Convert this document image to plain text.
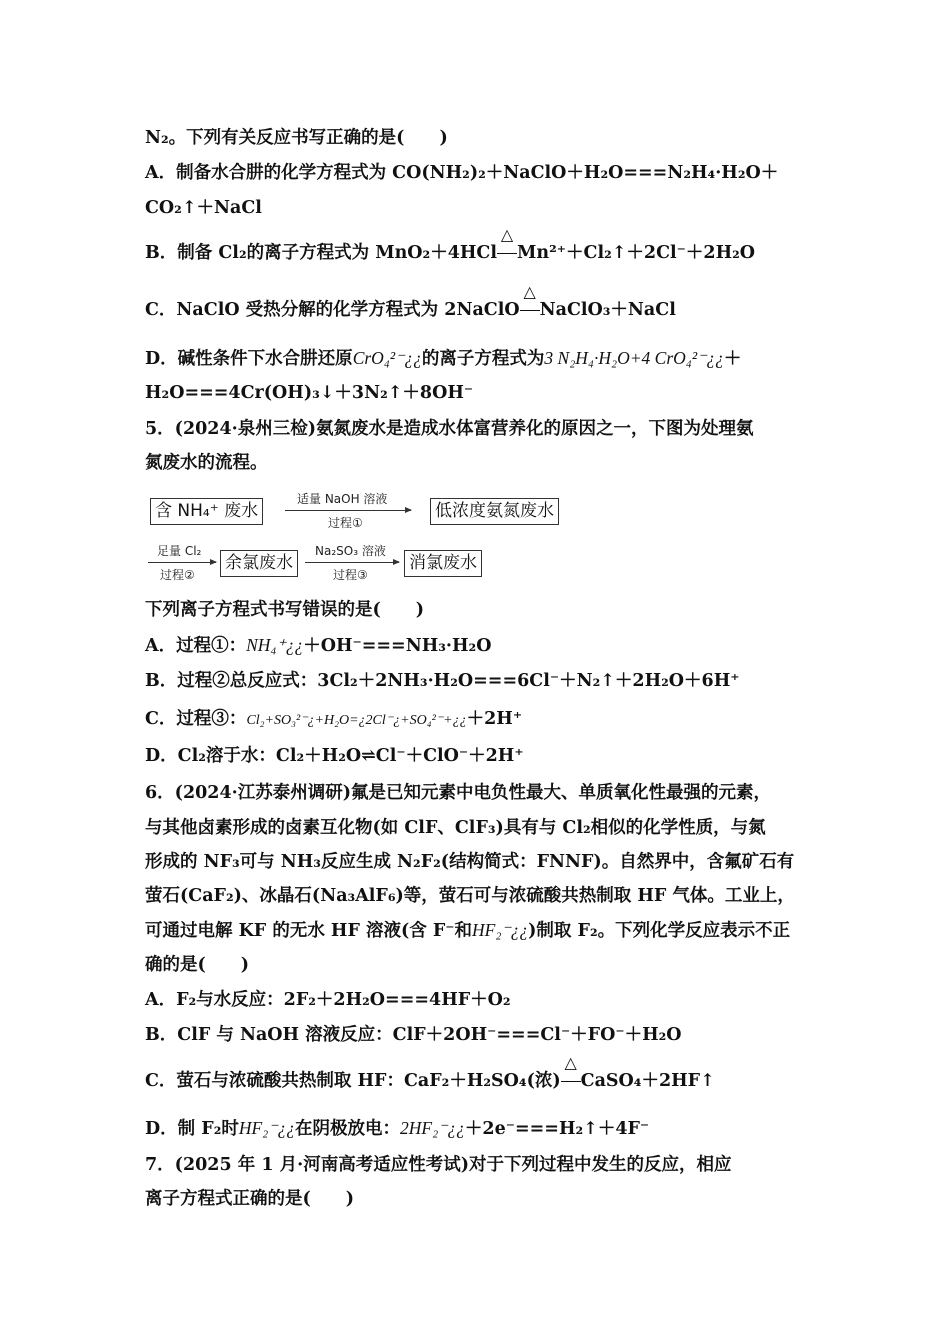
N₂。下列有关反应书写正确的是(　　)
A．制备水合肼的化学方程式为 CO(NH₂)₂＋NaClO＋H₂O===N₂H₄·H₂O＋
CO₂↑＋NaCl
B．制备 Cl₂的离子方程式为 MnO₂＋4HCl
△
Mn²⁺＋Cl₂↑＋2Cl⁻＋2H₂O
C．NaClO 受热分解的化学方程式为 2NaClO
△
NaClO₃＋NaCl
D．碱性条件下水合肼还原CrO₄²⁻¿¿的离子方程式为3 N₂H₄·H₂O+4 CrO₄²⁻¿¿＋
H₂O===4Cr(OH)₃↓＋3N₂↑＋8OH⁻
5．(2024·泉州三检)氨氮废水是造成水体富营养化的原因之一，下图为处理氨
氮废水的流程。
含 NH₄⁺ 废水
适量 NaOH 溶液
过程①
低浓度氨氮废水
足量 Cl₂
过程②
余氯废水
Na₂SO₃ 溶液
过程③
消氯废水
下列离子方程式书写错误的是(　　)
A．过程①：NH₄⁺¿¿＋OH⁻===NH₃·H₂O
B．过程②总反应式：3Cl₂＋2NH₃·H₂O===6Cl⁻＋N₂↑＋2H₂O＋6H⁺
C．过程③：Cl₂+SO₃²⁻¿+H₂O=¿2Cl⁻¿+SO₄²⁻+¿¿＋2H⁺
D．Cl₂溶于水：Cl₂＋H₂O⇌Cl⁻＋ClO⁻＋2H⁺
6．(2024·江苏泰州调研)氟是已知元素中电负性最大、单质氧化性最强的元素，
与其他卤素形成的卤素互化物(如 ClF、ClF₃)具有与 Cl₂相似的化学性质，与氮
形成的 NF₃可与 NH₃反应生成 N₂F₂(结构简式：FNNF)。自然界中，含氟矿石有
萤石(CaF₂)、冰晶石(Na₃AlF₆)等，萤石可与浓硫酸共热制取 HF 气体。工业上，
可通过电解 KF 的无水 HF 溶液(含 F⁻和HF₂⁻¿¿)制取 F₂。下列化学反应表示不正
确的是(　　)
A．F₂与水反应：2F₂＋2H₂O===4HF＋O₂
B．ClF 与 NaOH 溶液反应：ClF＋2OH⁻===Cl⁻＋FO⁻＋H₂O
C．萤石与浓硫酸共热制取 HF：CaF₂＋H₂SO₄(浓)
△
CaSO₄＋2HF↑
D．制 F₂时HF₂⁻¿¿在阴极放电：2HF₂⁻¿¿＋2e⁻===H₂↑＋4F⁻
7．(2025 年 1 月·河南高考适应性考试)对于下列过程中发生的反应，相应
离子方程式正确的是(　　)
